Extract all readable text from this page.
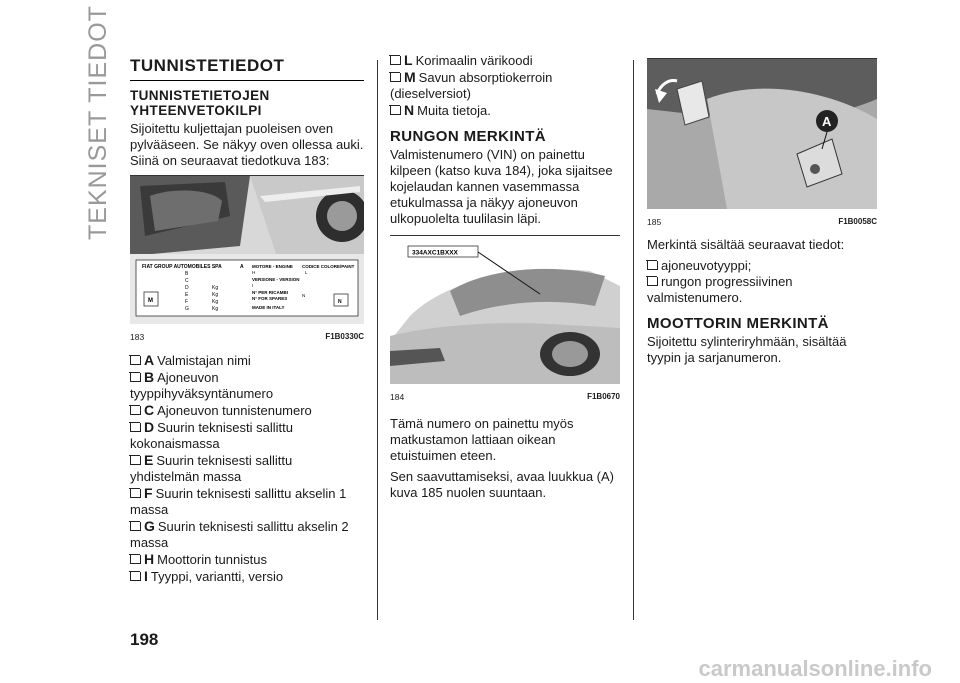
TEKNISET TIEDOT TUNNISTETIEDOT
TUNNISTETIETOJEN YHTEENVETOKILPI

Sijoitettu kuljettajan puoleisen oven pylvääseen. Se näkyy oven ollessa auki. Siinä on seuraavat tiedotkuva 183:

FIAT GROUP AUTOMOBILES SPA	A
B
C
D
E
F
G
Kg
Kg
Kg
Kg
M
MOTORE - ENGINE
H
VERSIONE - VERSION
I
N° PER RICAMBI
N° FOR SPARES
MADE IN ITALY
CODICE COLORE/PAINT
L
N
N
183	F1B0330C
A Valmistajan nimi
B Ajoneuvon tyyppihyväksyntänumero
C Ajoneuvon tunnistenumero
D Suurin teknisesti sallittu kokonaismassa
E Suurin teknisesti sallittu yhdistelmän massa
F Suurin teknisesti sallittu akselin 1 massa
G Suurin teknisesti sallittu akselin 2 massa
H Moottorin tunnistus
I Tyyppi, variantti, versio
L Korimaalin värikoodi
M Savun absorptiokerroin (dieselversiot)
N Muita tietoja.
RUNGON MERKINTÄ

Valmistenumero (VIN) on painettu kilpeen (katso kuva 184), joka sijaitsee kojelaudan kannen vasemmassa etukulmassa ja näkyy ajoneuvon ulkopuolelta tuulilasin läpi.

334AXC1BXXX
184	F1B0670

Tämä numero on painettu myös matkustamon lattiaan oikean etuistuimen eteen.

Sen saavuttamiseksi, avaa luukkua (A) kuva 185 nuolen suuntaan.

A
185	F1B0058C

Merkintä sisältää seuraavat tiedot:

ajoneuvotyyppi;
rungon progressiivinen valmistenumero.
MOOTTORIN MERKINTÄ

Sijoitettu sylinteriryhmään, sisältää tyypin ja sarjanumeron.

198
carmanualsonline.info
